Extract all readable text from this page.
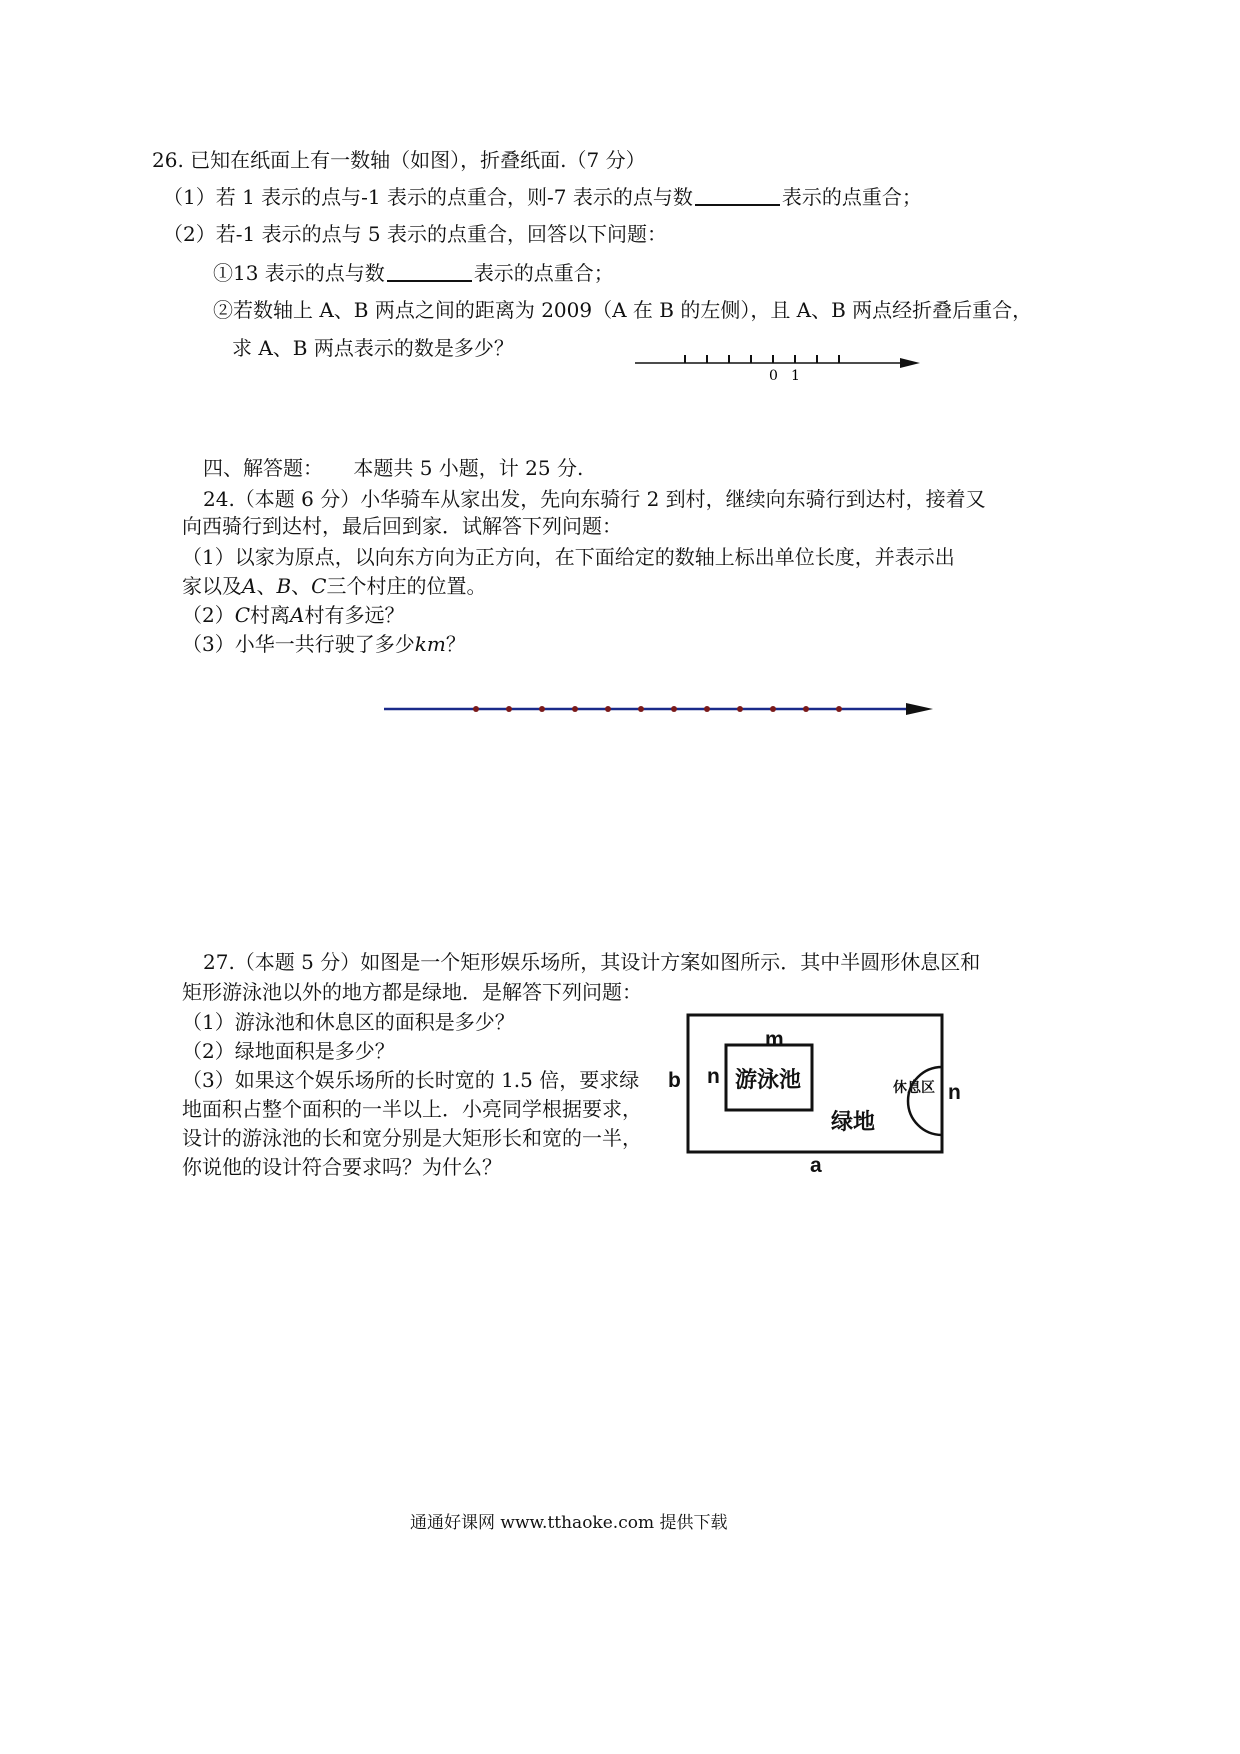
26. 已知在纸面上有一数轴（如图），折叠纸面.（7 分）
（1）若 1 表示的点与-1 表示的点重合，则-7 表示的点与数	表示的点重合；
（2）若-1 表示的点与 5 表示的点重合，回答以下问题：
①13 表示的点与数	表示的点重合；
②若数轴上 A、B 两点之间的距离为 2009（A 在 B 的左侧），且 A、B 两点经折叠后重合，
求 A、B 两点表示的数是多少？
0 1
四、解答题： 本题共 5 小题，计 25 分.
24.（本题 6 分）小华骑车从家出发，先向东骑行 2 到村，继续向东骑行到达村，接着又
向西骑行到达村，最后回到家．试解答下列问题：
（1）以家为原点，以向东方向为正方向，在下面给定的数轴上标出单位长度，并表示出
家以及A、B、C三个村庄的位置。
（2）C村离A村有多远？
（3）小华一共行驶了多少km？
27.（本题 5 分）如图是一个矩形娱乐场所，其设计方案如图所示．其中半圆形休息区和
矩形游泳池以外的地方都是绿地．是解答下列问题：
（1）游泳池和休息区的面积是多少？
（2）绿地面积是多少？
（3）如果这个娱乐场所的长时宽的 1.5 倍，要求绿
地面积占整个面积的一半以上．小亮同学根据要求，
设计的游泳池的长和宽分别是大矩形长和宽的一半，
你说他的设计符合要求吗？为什么？
m
n 游泳池
b	休息区 n
绿地
a
通通好课网 www.tthaoke.com 提供下载
